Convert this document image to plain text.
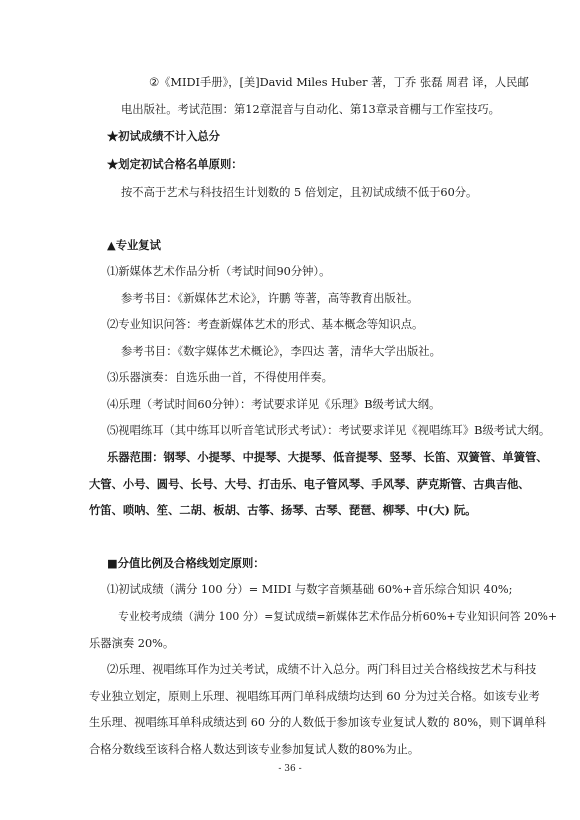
②《MIDI手册》，[美]David Miles Huber 著，丁乔 张磊 周君 译，人民邮
电出版社。考试范围：第12章混音与自动化、第13章录音棚与工作室技巧。
★初试成绩不计入总分
★划定初试合格名单原则：
按不高于艺术与科技招生计划数的 5 倍划定，且初试成绩不低于60分。
▲专业复试
⑴新媒体艺术作品分析（考试时间90分钟）。
参考书目：《新媒体艺术论》，许鹏 等著，高等教育出版社。
⑵专业知识问答：考查新媒体艺术的形式、基本概念等知识点。
参考书目：《数字媒体艺术概论》，李四达 著，清华大学出版社。
⑶乐器演奏：自选乐曲一首，不得使用伴奏。
⑷乐理（考试时间60分钟）：考试要求详见《乐理》B级考试大纲。
⑸视唱练耳（其中练耳以听音笔试形式考试）：考试要求详见《视唱练耳》B级考试大纲。
乐器范围：钢琴、小提琴、中提琴、大提琴、低音提琴、竖琴、长笛、双簧管、单簧管、
大管、小号、圆号、长号、大号、打击乐、电子管风琴、手风琴、萨克斯管、古典吉他、
竹笛、唢呐、笙、二胡、板胡、古筝、扬琴、古琴、琵琶、柳琴、中(大) 阮。
■分值比例及合格线划定原则：
⑴初试成绩（满分 100 分）= MIDI 与数字音频基础 60%+音乐综合知识 40%;
专业校考成绩（满分 100 分）=复试成绩=新媒体艺术作品分析60%+专业知识问答 20%+
乐器演奏 20%。
⑵乐理、视唱练耳作为过关考试，成绩不计入总分。两门科目过关合格线按艺术与科技
专业独立划定，原则上乐理、视唱练耳两门单科成绩均达到 60 分为过关合格。如该专业考
生乐理、视唱练耳单科成绩达到 60 分的人数低于参加该专业复试人数的 80%，则下调单科
合格分数线至该科合格人数达到该专业参加复试人数的80%为止。
- 36 -
